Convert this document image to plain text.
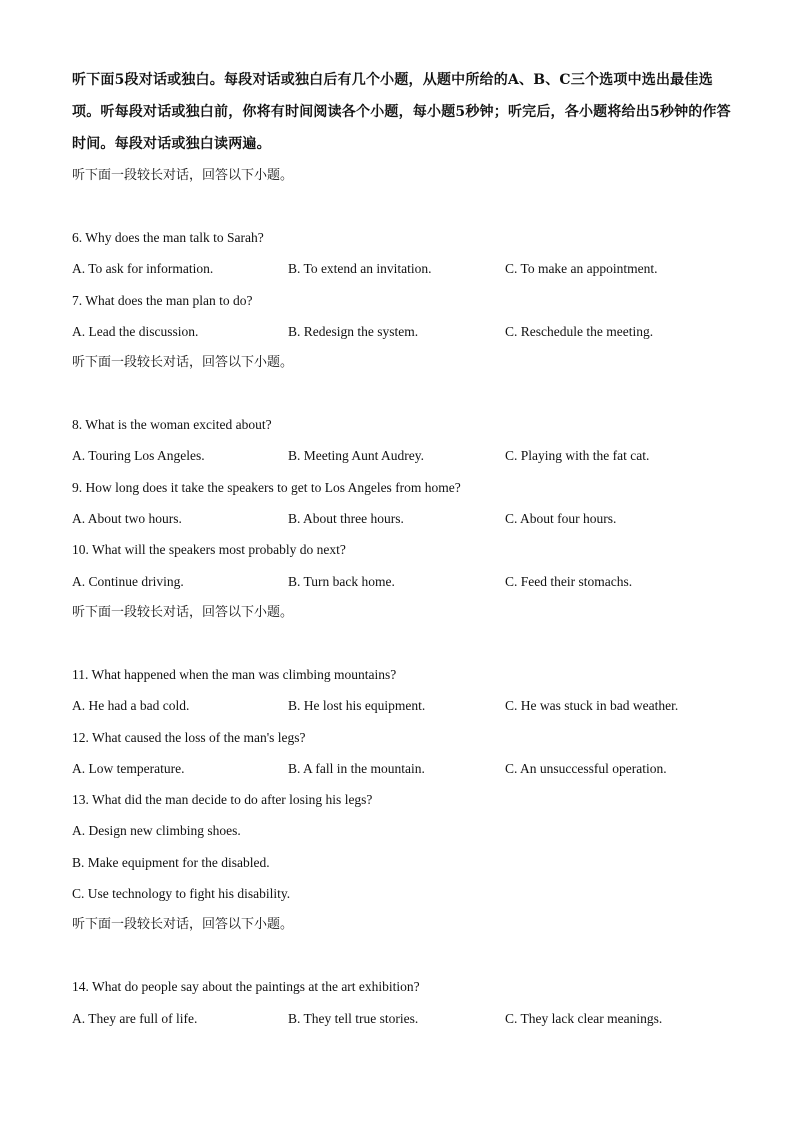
听下面5段对话或独白。每段对话或独白后有几个小题，从题中所给的A、B、C三个选项中选出最佳选项。听每段对话或独白前，你将有时间阅读各个小题，每小题5秒钟；听完后，各小题将给出5秒钟的作答时间。每段对话或独白读两遍。

听下面一段较长对话，回答以下小题。

6. Why does the man talk to Sarah?

A. To ask for information.	B. To extend an invitation.	C. To make an appointment.

7. What does the man plan to do?

A. Lead the discussion.	B. Redesign the system.	C. Reschedule the meeting.

听下面一段较长对话，回答以下小题。

8. What is the woman excited about?

A. Touring Los Angeles.	B. Meeting Aunt Audrey.	C. Playing with the fat cat.

9. How long does it take the speakers to get to Los Angeles from home?

A. About two hours.	B. About three hours.	C. About four hours.

10. What will the speakers most probably do next?

A. Continue driving.	B. Turn back home.	C. Feed their stomachs.

听下面一段较长对话，回答以下小题。

11. What happened when the man was climbing mountains?

A. He had a bad cold.	B. He lost his equipment.	C. He was stuck in bad weather.

12. What caused the loss of the man's legs?

A. Low temperature.	B. A fall in the mountain.	C. An unsuccessful operation.

13. What did the man decide to do after losing his legs?

A. Design new climbing shoes.

B. Make equipment for the disabled.

C. Use technology to fight his disability.

听下面一段较长对话，回答以下小题。

14. What do people say about the paintings at the art exhibition?

A. They are full of life.	B. They tell true stories.	C. They lack clear meanings.
